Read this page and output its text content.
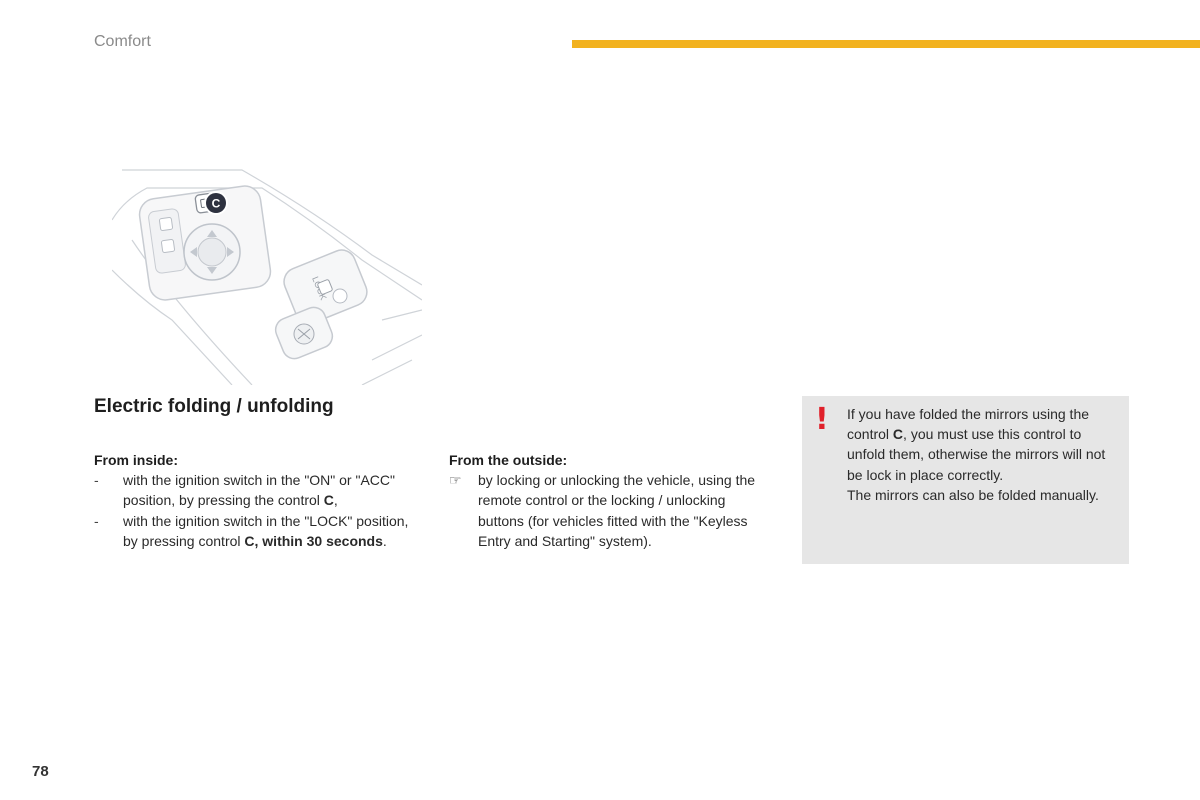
Comfort
C
Electric folding / unfolding
From inside:
-	with the ignition switch in the "ON" or "ACC" position, by pressing the control C,
-	with the ignition switch in the "LOCK" position, by pressing control C, within 30 seconds.
From the outside:
☞	by locking or unlocking the vehicle, using the remote control or the locking / unlocking buttons (for vehicles fitted with the "Keyless Entry and Starting" system).
! If you have folded the mirrors using the control C, you must use this control to unfold them, otherwise the mirrors will not be lock in place correctly.
The mirrors can also be folded manually.
78
